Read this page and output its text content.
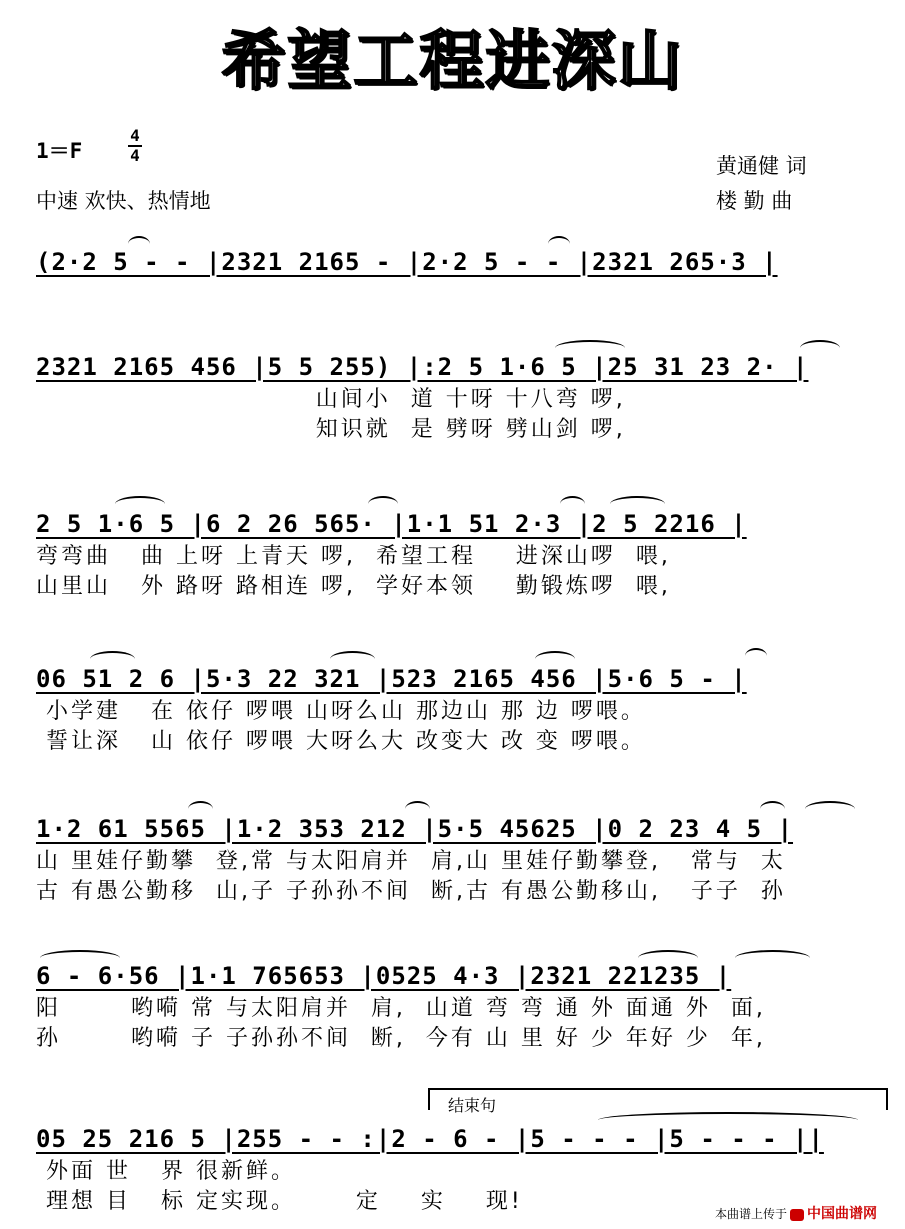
希望工程进深山
1＝F
4
4
中速 欢快、热情地
黄通健 词
楼 勤 曲
(2·2 5 - - |2321 2165 - |2·2 5 - - |2321 265·3 |
2321 2165 456 |5 5 255) |:2 5 1·6 5 |25 31 23 2· |
山间小  道 十呀 十八弯 啰,
知识就  是 劈呀 劈山剑 啰,
2 5 1·6 5 |6 2 26 565· |1·1 51 2·3 |2 5 2216 |
弯弯曲   曲 上呀 上青天 啰,  希望工程    进深山啰  喂,
山里山   外 路呀 路相连 啰,  学好本领    勤锻炼啰  喂,
06 51 2 6 |5·3 22 321 |523 2165 456 |5·6 5 - |
小学建   在 依仔 啰喂 山呀么山 那边山 那 边 啰喂。
誓让深   山 依仔 啰喂 大呀么大 改变大 改 变 啰喂。
1·2 61 5565 |1·2 353 212 |5·5 45625 |0 2 23 4 5 |
山 里娃仔勤攀  登,常 与太阳肩并  肩,山 里娃仔勤攀登,   常与  太
古 有愚公勤移  山,子 子孙孙不间  断,古 有愚公勤移山,   子子  孙
6 - 6·56 |1·1 765653 |0525 4·3 |2321 221235 |
阳       哟嗬 常 与太阳肩并  肩,  山道 弯 弯 通 外 面通 外  面,
孙       哟嗬 子 子孙孙不间  断,  今有 山 里 好 少 年好 少  年,
结束句
05 25 216 5 |255 - - :|2 - 6 - |5 - - - |5 - - - ||
外面 世   界 很新鲜。
理想 目   标 定实现。      定    实    现!	本曲谱上传于 中国曲谱网
